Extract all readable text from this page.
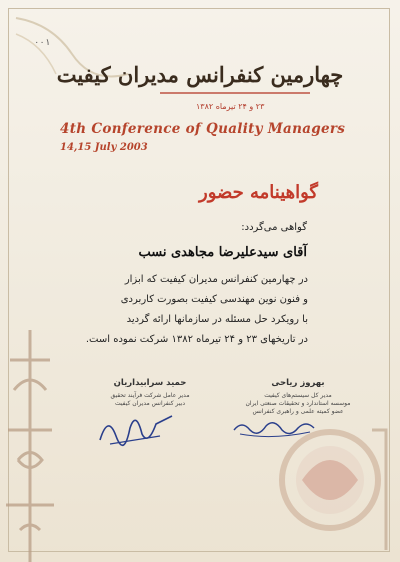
۰۰۱
چهارمین کنفرانس مدیران کیفیت
۲۳ و ۲۴ تیرماه ۱۳۸۲
4th Conference of Quality Managers
14,15 July 2003
گواهینامه حضور
گواهی می‌گردد:
آقای سیدعلیرضا مجاهدی نسب
در چهارمین کنفرانس مدیران کیفیت که ابزار
و فنون نوین مهندسی کیفیت بصورت کاربردی
با رویکرد حل مسئله در سازمانها ارائه گردید
در تاریخهای ۲۳ و ۲۴ تیرماه ۱۳۸۲ شرکت نموده است.
حمید سرابیداریان
مدیر عامل شرکت فرآیند تحقیق
دبیر کنفرانس مدیران کیفیت
بهروز ریاحی
مدیر کل سیستم‌های کیفیت
موسسه استاندارد و تحقیقات صنعتی ایران
عضو کمیته علمی و راهبری کنفرانس
